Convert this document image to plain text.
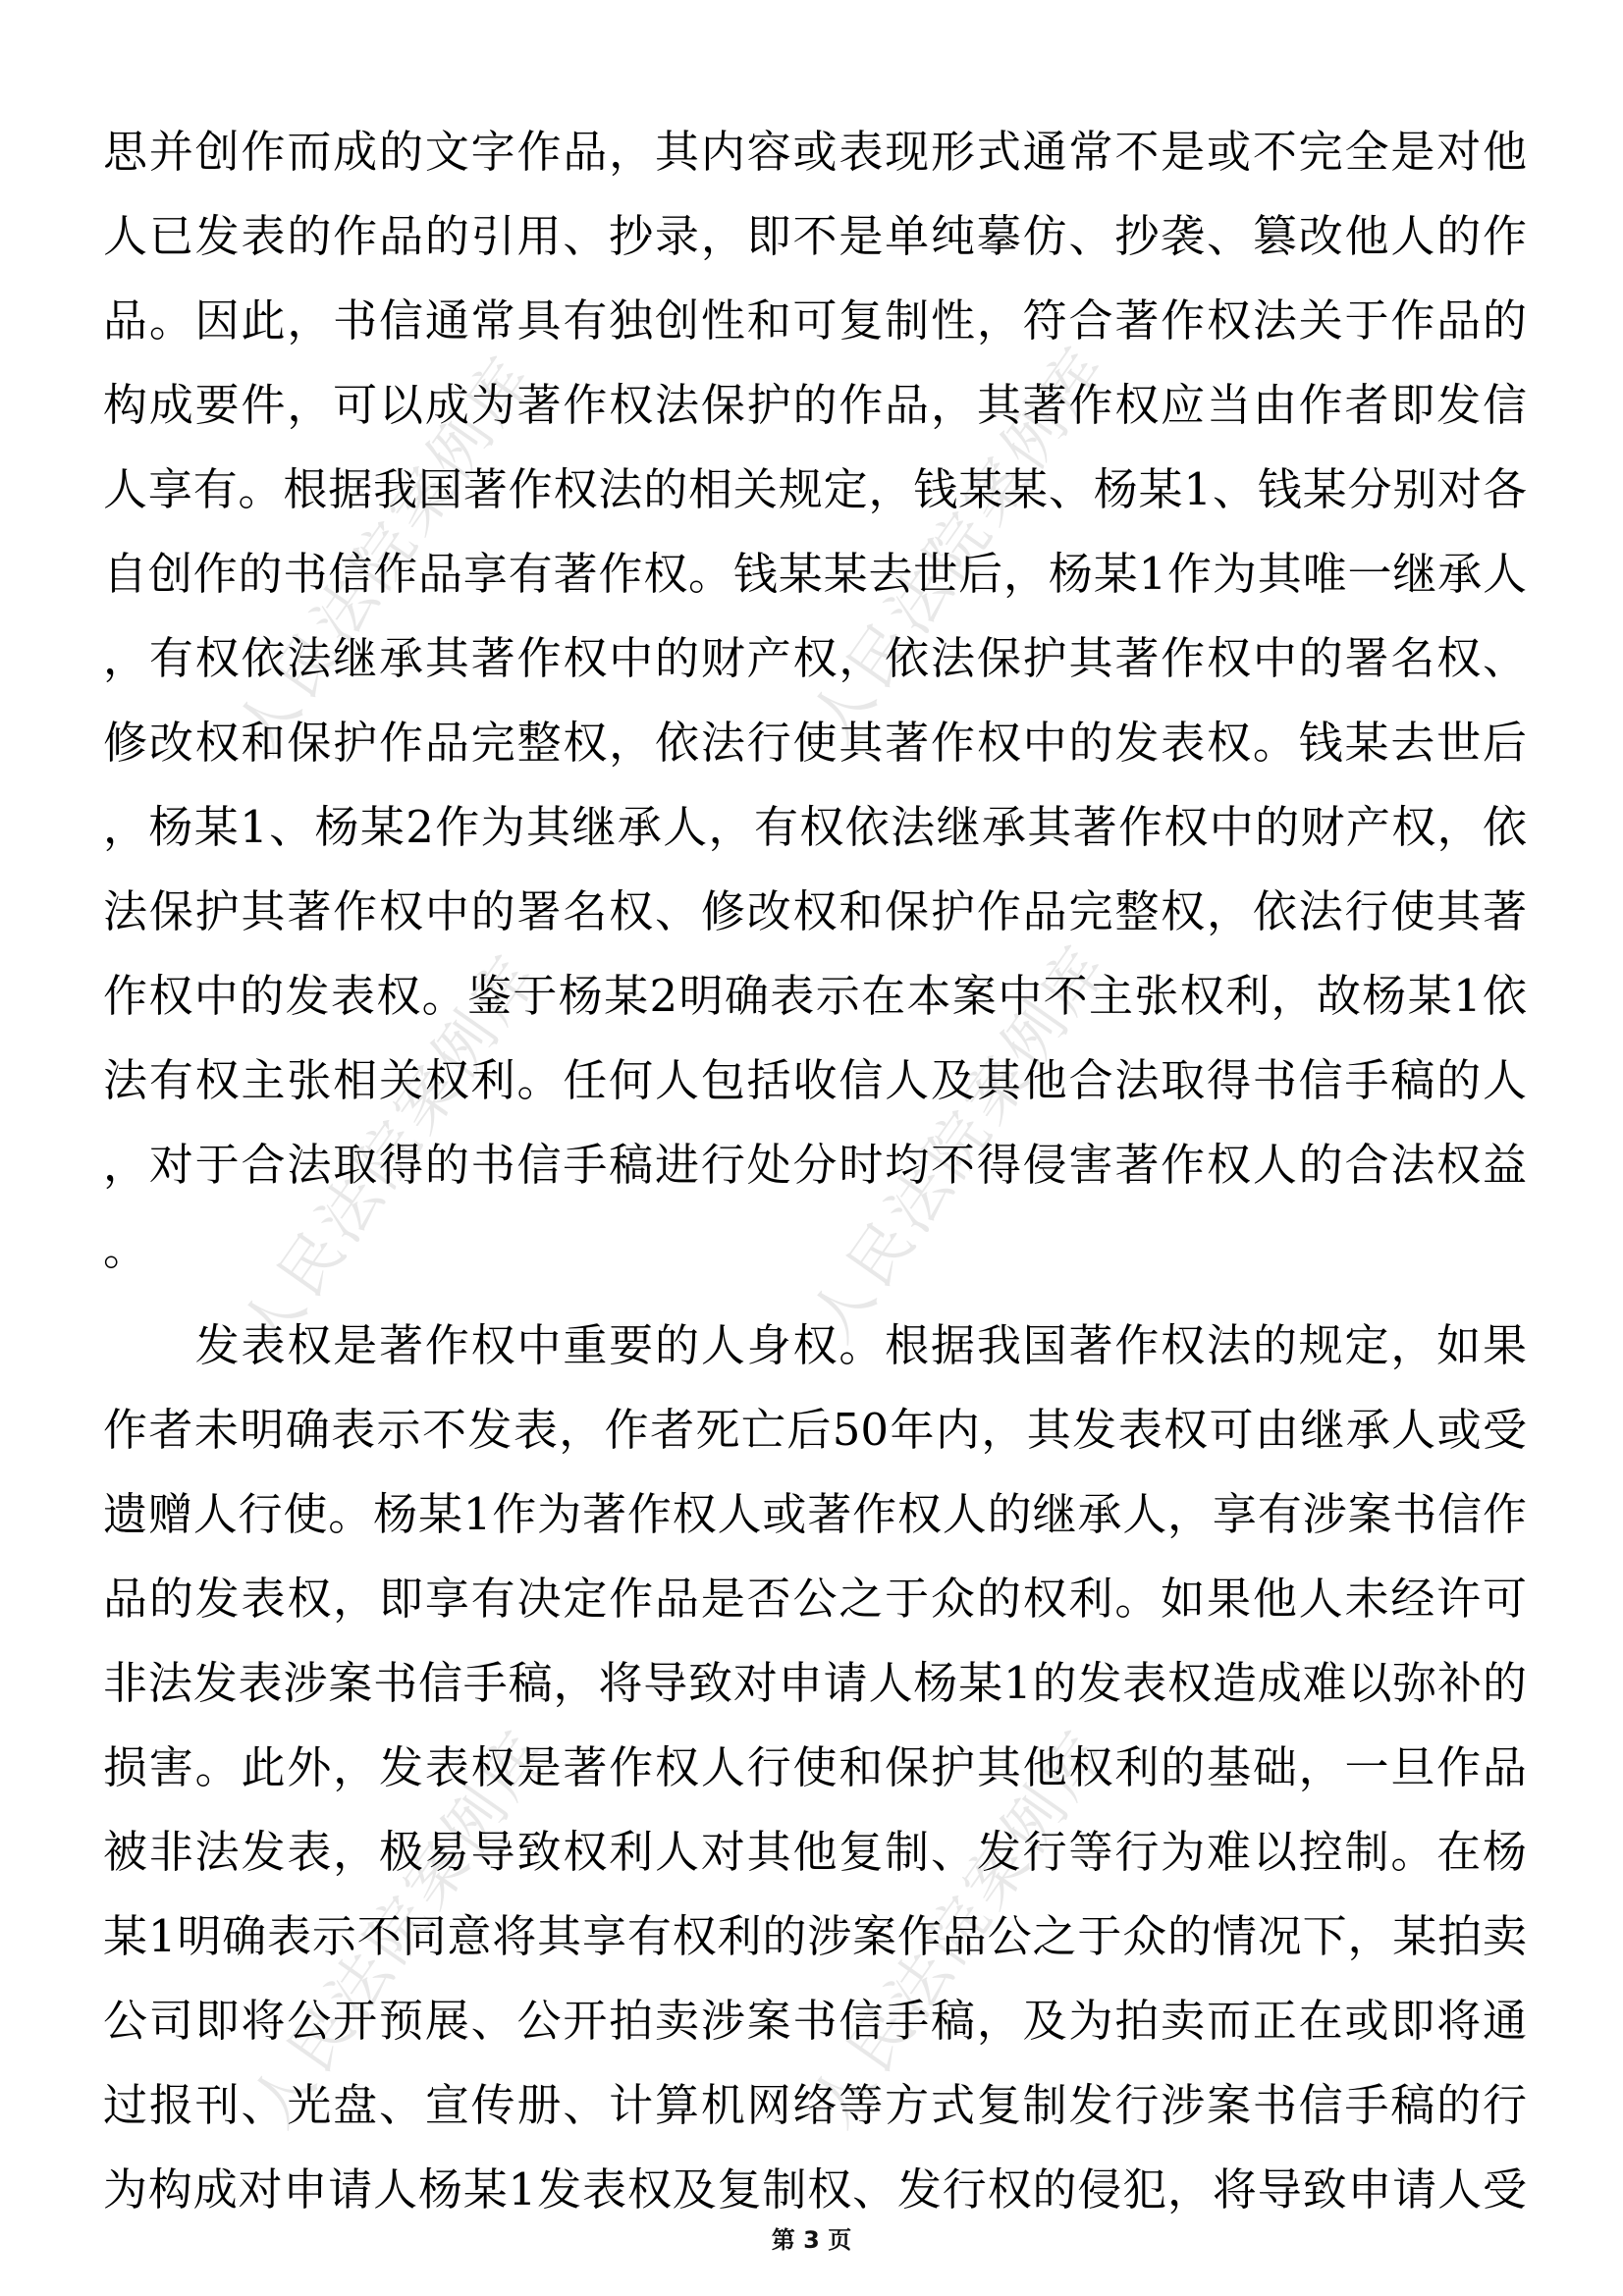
人民法院案例库	人民法院案例库
人民法院案例库	人民法院案例库
人民法院案例库	人民法院案例库
思并创作而成的文字作品，其内容或表现形式通常不是或不完全是对他
人已发表的作品的引用、抄录，即不是单纯摹仿、抄袭、篡改他人的作
品。因此，书信通常具有独创性和可复制性，符合著作权法关于作品的
构成要件，可以成为著作权法保护的作品，其著作权应当由作者即发信
人享有。根据我国著作权法的相关规定，钱某某、杨某1、钱某分别对各
自创作的书信作品享有著作权。钱某某去世后，杨某1作为其唯一继承人
，有权依法继承其著作权中的财产权，依法保护其著作权中的署名权、
修改权和保护作品完整权，依法行使其著作权中的发表权。钱某去世后
，杨某1、杨某2作为其继承人，有权依法继承其著作权中的财产权，依
法保护其著作权中的署名权、修改权和保护作品完整权，依法行使其著
作权中的发表权。鉴于杨某2明确表示在本案中不主张权利，故杨某1依
法有权主张相关权利。任何人包括收信人及其他合法取得书信手稿的人
，对于合法取得的书信手稿进行处分时均不得侵害著作权人的合法权益
。
　　发表权是著作权中重要的人身权。根据我国著作权法的规定，如果
作者未明确表示不发表，作者死亡后50年内，其发表权可由继承人或受
遗赠人行使。杨某1作为著作权人或著作权人的继承人，享有涉案书信作
品的发表权，即享有决定作品是否公之于众的权利。如果他人未经许可
非法发表涉案书信手稿，将导致对申请人杨某1的发表权造成难以弥补的
损害。此外，发表权是著作权人行使和保护其他权利的基础，一旦作品
被非法发表，极易导致权利人对其他复制、发行等行为难以控制。在杨
某1明确表示不同意将其享有权利的涉案作品公之于众的情况下，某拍卖
公司即将公开预展、公开拍卖涉案书信手稿，及为拍卖而正在或即将通
过报刊、光盘、宣传册、计算机网络等方式复制发行涉案书信手稿的行
为构成对申请人杨某1发表权及复制权、发行权的侵犯，将导致申请人受
第 3 页
